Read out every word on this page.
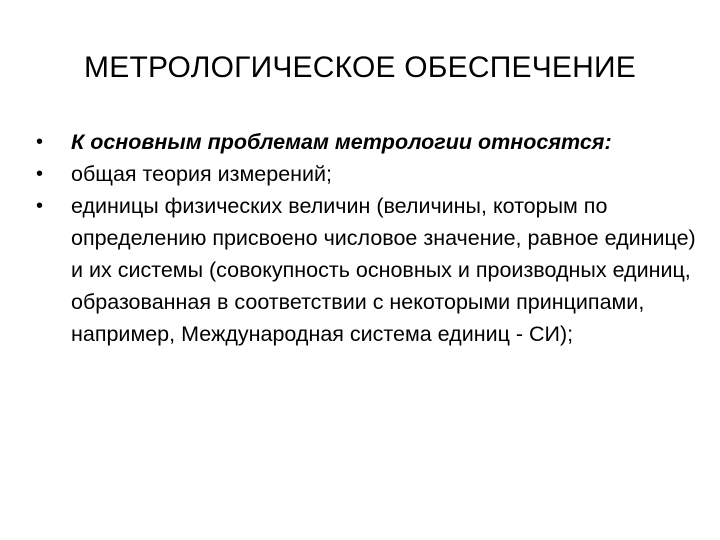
МЕТРОЛОГИЧЕСКОЕ ОБЕСПЕЧЕНИЕ
•	К основным проблемам метрологии относятся:
•	общая теория измерений;
•	единицы физических величин (величины, которым по определению присвоено числовое значение, равное единице) и их системы (совокупность основных и производных единиц, образованная в соответствии с некоторыми принципами, например, Международная система единиц - СИ);
